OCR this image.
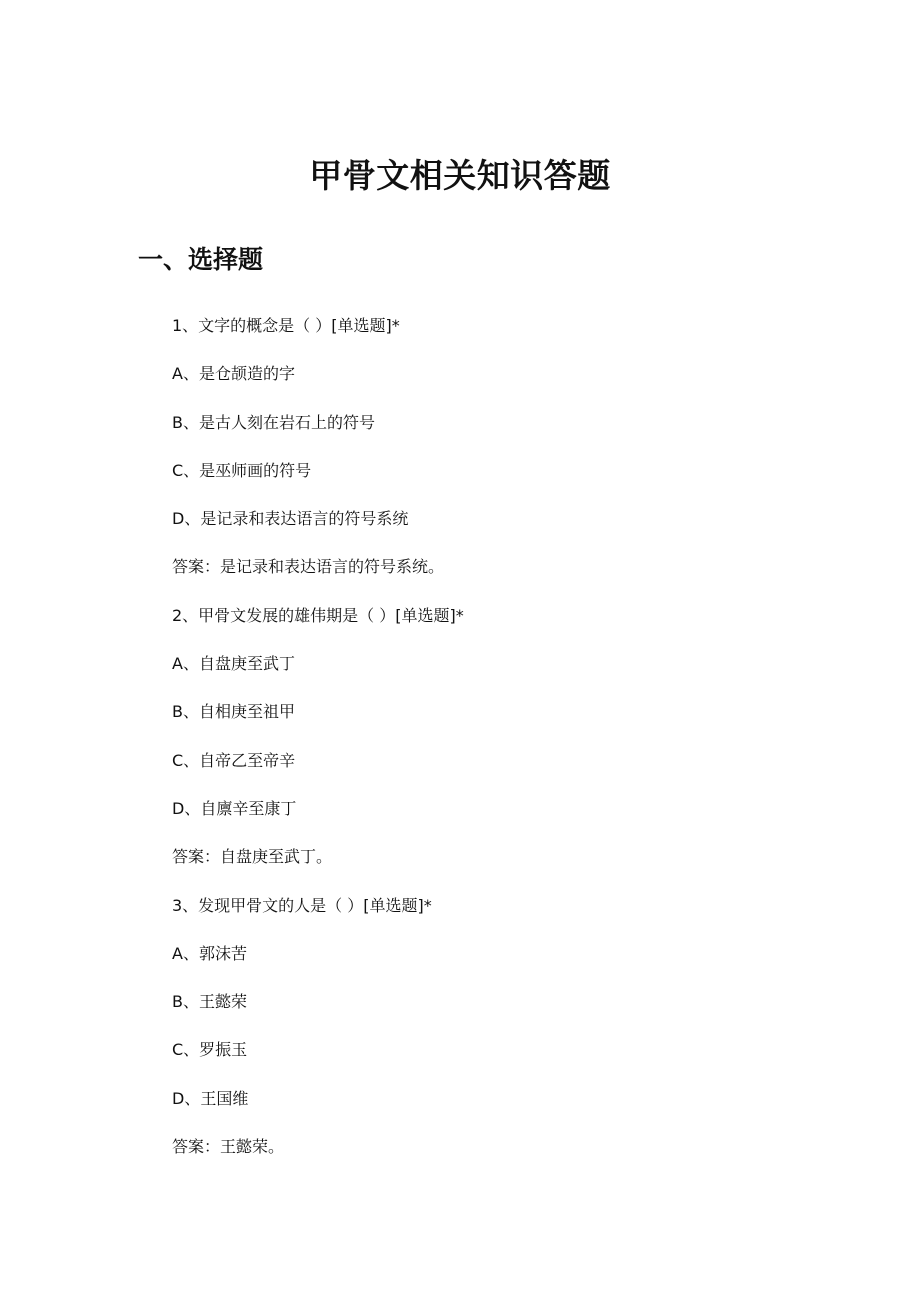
甲骨文相关知识答题
一、选择题
1、文字的概念是（ ）[单选题]*
A、是仓颉造的字
B、是古人刻在岩石上的符号
C、是巫师画的符号
D、是记录和表达语言的符号系统
答案：是记录和表达语言的符号系统。
2、甲骨文发展的雄伟期是（ ）[单选题]*
A、自盘庚至武丁
B、自相庚至祖甲
C、自帝乙至帝辛
D、自廪辛至康丁
答案：自盘庚至武丁。
3、发现甲骨文的人是（ ）[单选题]*
A、郭沫苦
B、王懿荣
C、罗振玉
D、王国维
答案：王懿荣。
